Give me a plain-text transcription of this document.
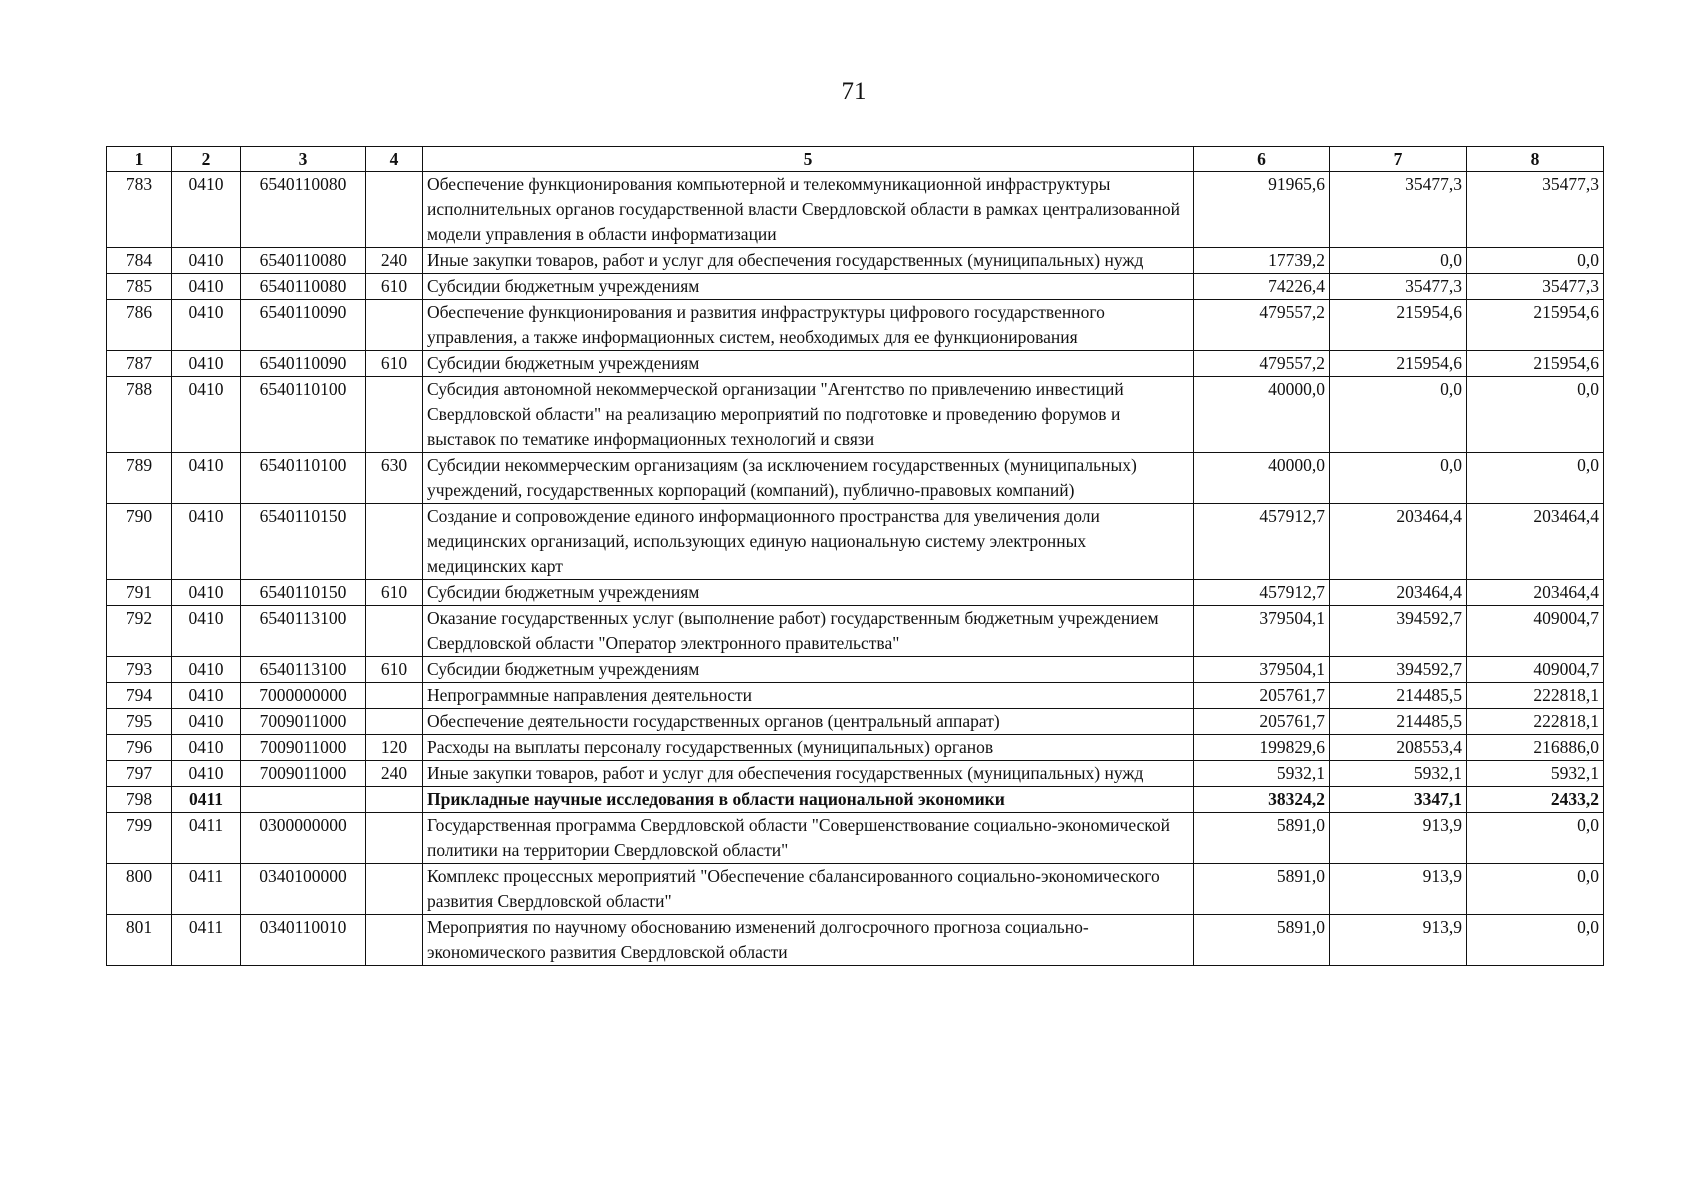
71
1	2	3	4	5	6	7	8
783	0410	6540110080		Обеспечение функционирования компьютерной и телекоммуникационной инфраструктуры исполнительных органов государственной власти Свердловской области в рамках централизованной модели управления в области информатизации	91965,6	35477,3	35477,3
784	0410	6540110080	240	Иные закупки товаров, работ и услуг для обеспечения государственных (муниципальных) нужд	17739,2	0,0	0,0
785	0410	6540110080	610	Субсидии бюджетным учреждениям	74226,4	35477,3	35477,3
786	0410	6540110090		Обеспечение функционирования и развития инфраструктуры цифрового государственного управления, а также информационных систем, необходимых для ее функционирования	479557,2	215954,6	215954,6
787	0410	6540110090	610	Субсидии бюджетным учреждениям	479557,2	215954,6	215954,6
788	0410	6540110100		Субсидия автономной некоммерческой организации "Агентство по привлечению инвестиций Свердловской области" на реализацию мероприятий по подготовке и проведению форумов и выставок по тематике информационных технологий и связи	40000,0	0,0	0,0
789	0410	6540110100	630	Субсидии некоммерческим организациям (за исключением государственных (муниципальных) учреждений, государственных корпораций (компаний), публично-правовых компаний)	40000,0	0,0	0,0
790	0410	6540110150		Создание и сопровождение единого информационного пространства для увеличения доли медицинских организаций, использующих единую национальную систему электронных медицинских карт	457912,7	203464,4	203464,4
791	0410	6540110150	610	Субсидии бюджетным учреждениям	457912,7	203464,4	203464,4
792	0410	6540113100		Оказание государственных услуг (выполнение работ) государственным бюджетным учреждением Свердловской области "Оператор электронного правительства"	379504,1	394592,7	409004,7
793	0410	6540113100	610	Субсидии бюджетным учреждениям	379504,1	394592,7	409004,7
794	0410	7000000000		Непрограммные направления деятельности	205761,7	214485,5	222818,1
795	0410	7009011000		Обеспечение деятельности государственных органов (центральный аппарат)	205761,7	214485,5	222818,1
796	0410	7009011000	120	Расходы на выплаты персоналу государственных (муниципальных) органов	199829,6	208553,4	216886,0
797	0410	7009011000	240	Иные закупки товаров, работ и услуг для обеспечения государственных (муниципальных) нужд	5932,1	5932,1	5932,1
798	0411			Прикладные научные исследования в области национальной экономики	38324,2	3347,1	2433,2
799	0411	0300000000		Государственная программа Свердловской области "Совершенствование социально-экономической политики на территории Свердловской области"	5891,0	913,9	0,0
800	0411	0340100000		Комплекс процессных мероприятий "Обеспечение сбалансированного социально-экономического развития Свердловской области"	5891,0	913,9	0,0
801	0411	0340110010		Мероприятия по научному обоснованию изменений долгосрочного прогноза социально-экономического развития Свердловской области	5891,0	913,9	0,0
